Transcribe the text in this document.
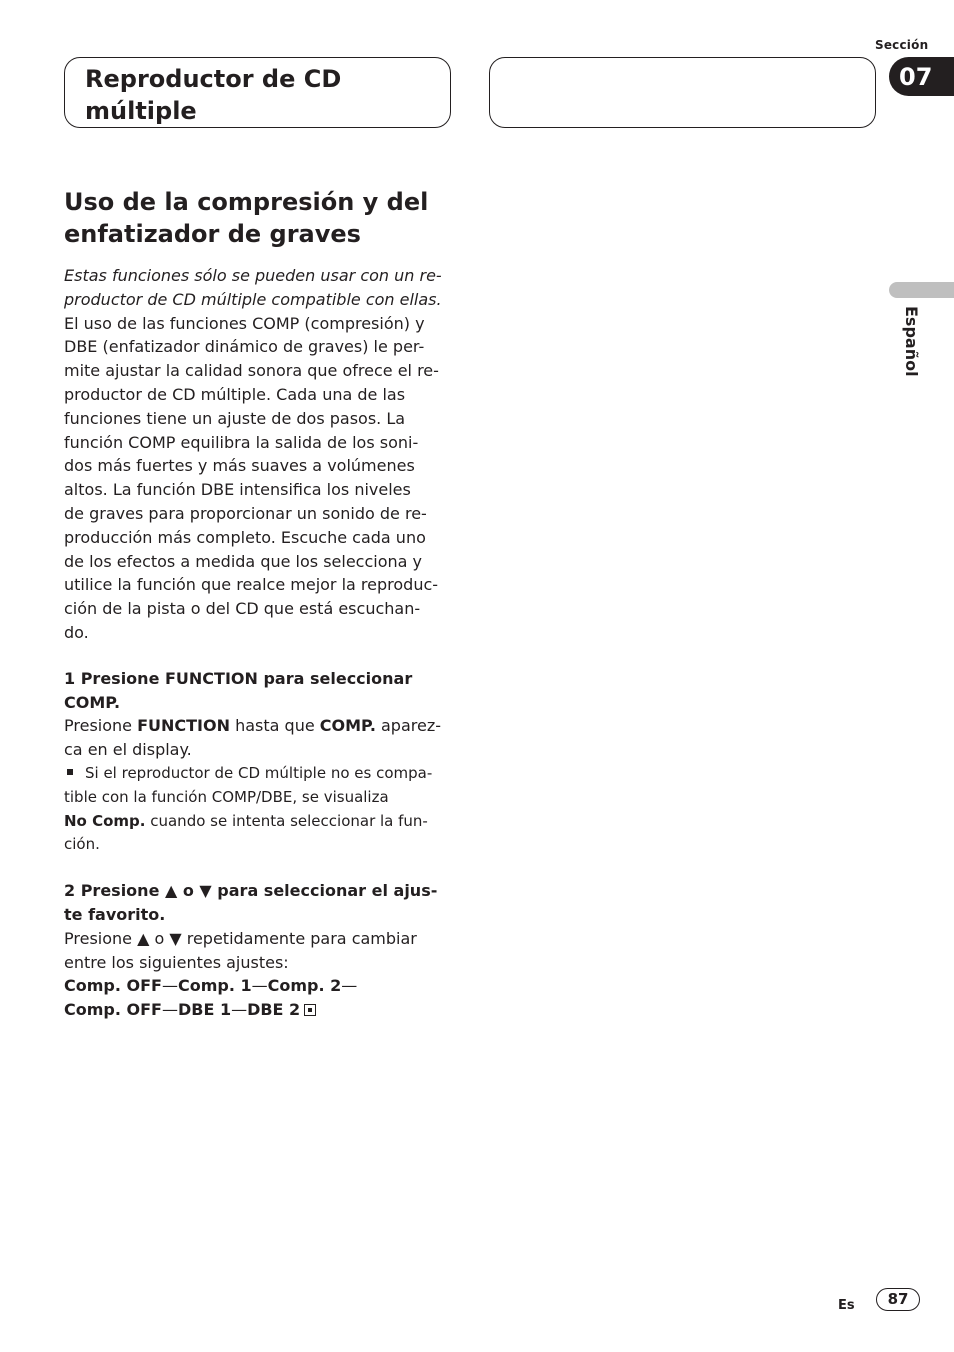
Sección
07
Reproductor de CD
múltiple
Español
Uso de la compresión y del
enfatizador de graves

Estas funciones sólo se pueden usar con un re-
productor de CD múltiple compatible con ellas.

El uso de las funciones COMP (compresión) y
DBE (enfatizador dinámico de graves) le per-
mite ajustar la calidad sonora que ofrece el re-
productor de CD múltiple. Cada una de las
funciones tiene un ajuste de dos pasos. La
función COMP equilibra la salida de los soni-
dos más fuertes y más suaves a volúmenes
altos. La función DBE intensifica los niveles
de graves para proporcionar un sonido de re-
producción más completo. Escuche cada uno
de los efectos a medida que los selecciona y
utilice la función que realce mejor la reproduc-
ción de la pista o del CD que está escuchan-
do.

1 Presione FUNCTION para seleccionar
COMP.

Presione FUNCTION hasta que COMP. aparez-
ca en el display.

Si el reproductor de CD múltiple no es compa-
tible con la función COMP/DBE, se visualiza
No Comp. cuando se intenta seleccionar la fun-
ción.

2 Presione ▲ o ▼ para seleccionar el ajus-
te favorito.

Presione ▲ o ▼ repetidamente para cambiar
entre los siguientes ajustes:

Comp. OFF—Comp. 1—Comp. 2—
Comp. OFF—DBE 1—DBE 2

Es	87
